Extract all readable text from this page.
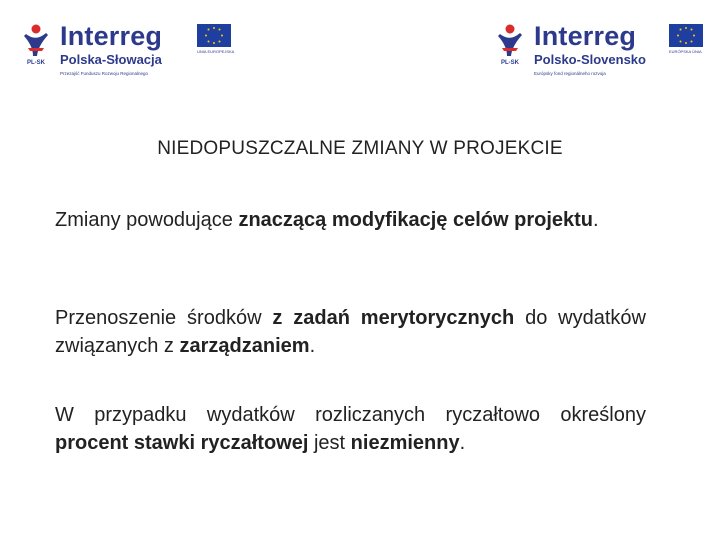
PL-SK
Interreg
Polska-Słowacja
Przezajść Funduszu Rozwoju Regionalnego
UNIA EUROPEJSKA
PL-SK
Interreg
Polsko-Slovensko
Európsky fond regionálneho rozvoja
EURÓPSKA ÚNIA
NIEDOPUSZCZALNE ZMIANY W PROJEKCIE
Zmiany powodujące znaczącą modyfikację celów projektu.
Przenoszenie środków z zadań merytorycznych do wydatków związanych z zarządzaniem.
W przypadku wydatków rozliczanych ryczałtowo określony procent stawki ryczałtowej jest niezmienny.
